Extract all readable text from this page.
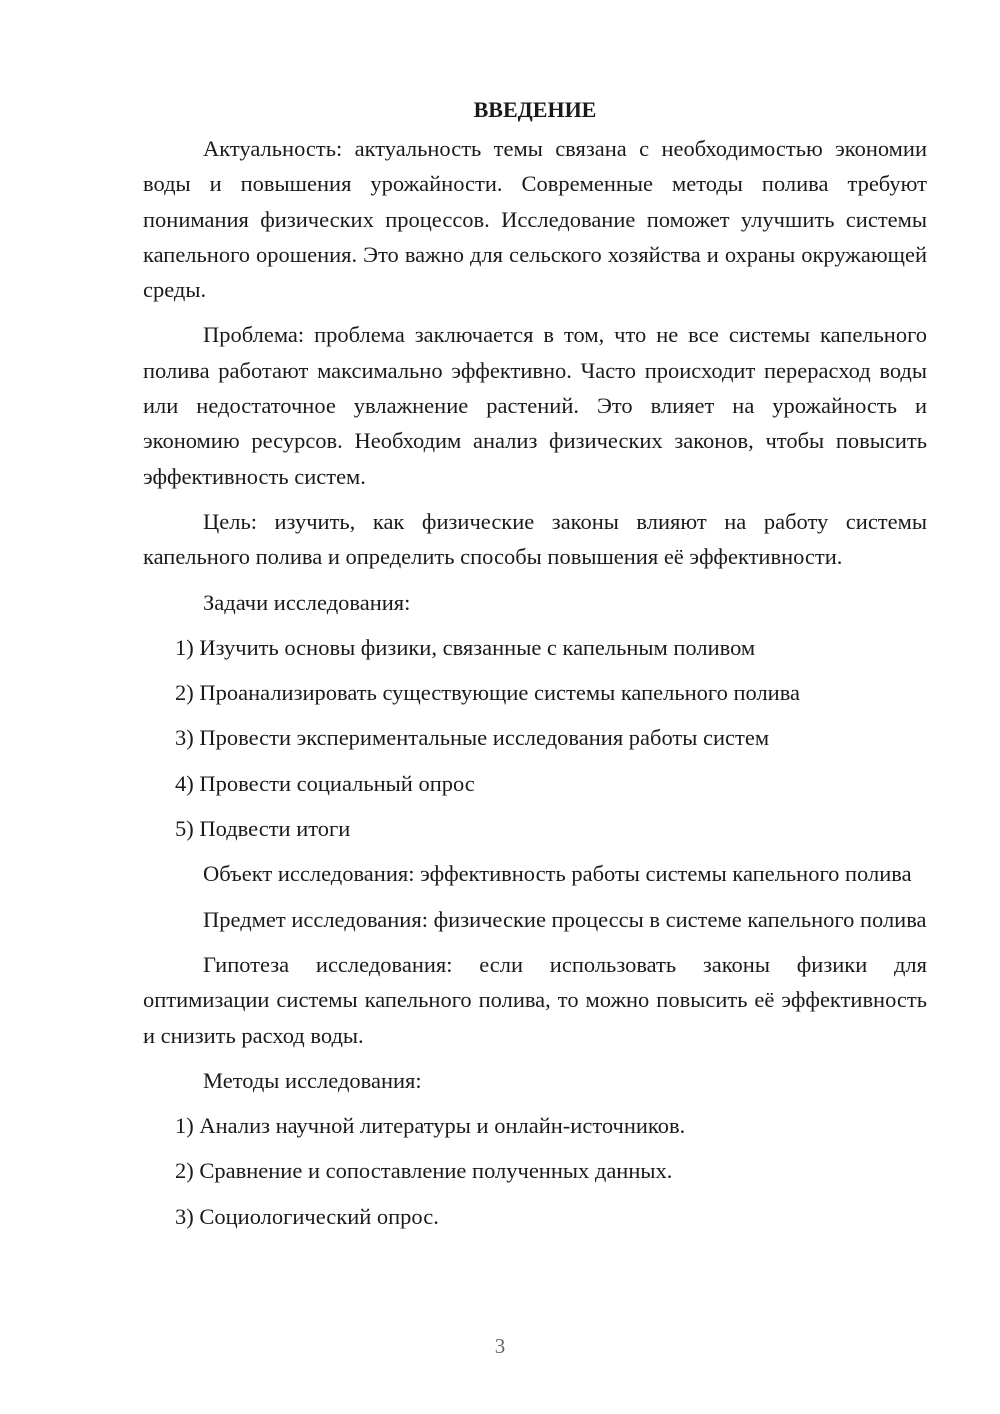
ВВЕДЕНИЕ

Актуальность: актуальность темы связана с необходимостью экономии воды и повышения урожайности. Современные методы полива требуют понимания физических процессов. Исследование поможет улучшить системы капельного орошения. Это важно для сельского хозяйства и охраны окружающей среды.

Проблема: проблема заключается в том, что не все системы капельного полива работают максимально эффективно. Часто происходит перерасход воды или недостаточное увлажнение растений. Это влияет на урожайность и экономию ресурсов. Необходим анализ физических законов, чтобы повысить эффективность систем.

Цель: изучить, как физические законы влияют на работу системы капельного полива и определить способы повышения её эффективности.

Задачи исследования:

1) Изучить основы физики, связанные с капельным поливом
2) Проанализировать существующие системы капельного полива
3) Провести экспериментальные исследования работы систем
4) Провести социальный опрос
5) Подвести итоги

Объект исследования: эффективность работы системы капельного полива

Предмет исследования: физические процессы в системе капельного полива

Гипотеза исследования: если использовать законы физики для оптимизации системы капельного полива, то можно повысить её эффективность и снизить расход воды.

Методы исследования:

1) Анализ научной литературы и онлайн-источников.
2) Сравнение и сопоставление полученных данных.
3) Социологический опрос.
3
